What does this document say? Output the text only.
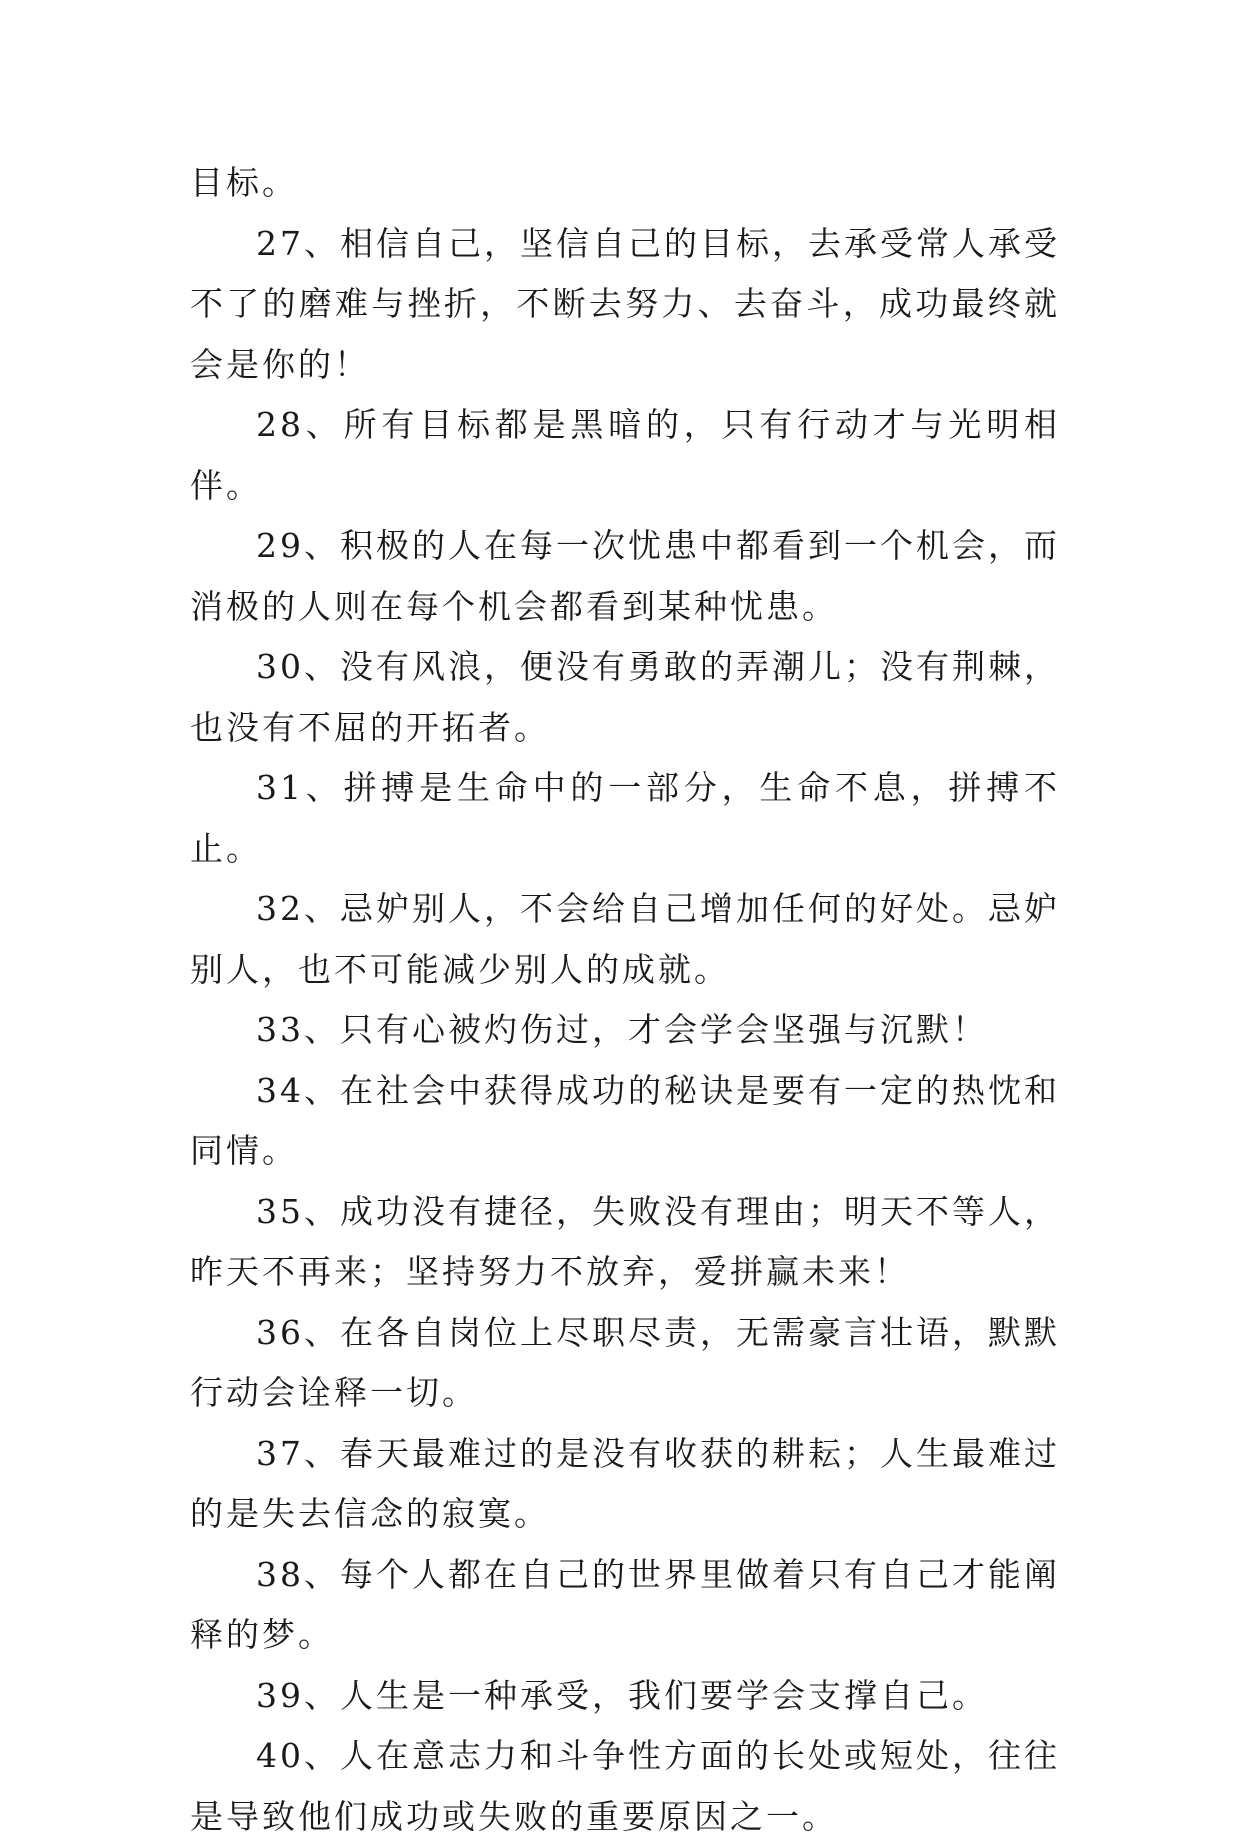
目标。

27、相信自己，坚信自己的目标，去承受常人承受不了的磨难与挫折，不断去努力、去奋斗，成功最终就会是你的！

28、所有目标都是黑暗的，只有行动才与光明相伴。

29、积极的人在每一次忧患中都看到一个机会，而消极的人则在每个机会都看到某种忧患。

30、没有风浪，便没有勇敢的弄潮儿；没有荆棘，也没有不屈的开拓者。

31、拼搏是生命中的一部分，生命不息，拼搏不止。

32、忌妒别人，不会给自己增加任何的好处。忌妒别人，也不可能减少别人的成就。

33、只有心被灼伤过，才会学会坚强与沉默！

34、在社会中获得成功的秘诀是要有一定的热忱和同情。

35、成功没有捷径，失败没有理由；明天不等人，昨天不再来；坚持努力不放弃，爱拼赢未来！

36、在各自岗位上尽职尽责，无需豪言壮语，默默行动会诠释一切。

37、春天最难过的是没有收获的耕耘；人生最难过的是失去信念的寂寞。

38、每个人都在自己的世界里做着只有自己才能阐释的梦。

39、人生是一种承受，我们要学会支撑自己。

40、人在意志力和斗争性方面的长处或短处，往往是导致他们成功或失败的重要原因之一。
